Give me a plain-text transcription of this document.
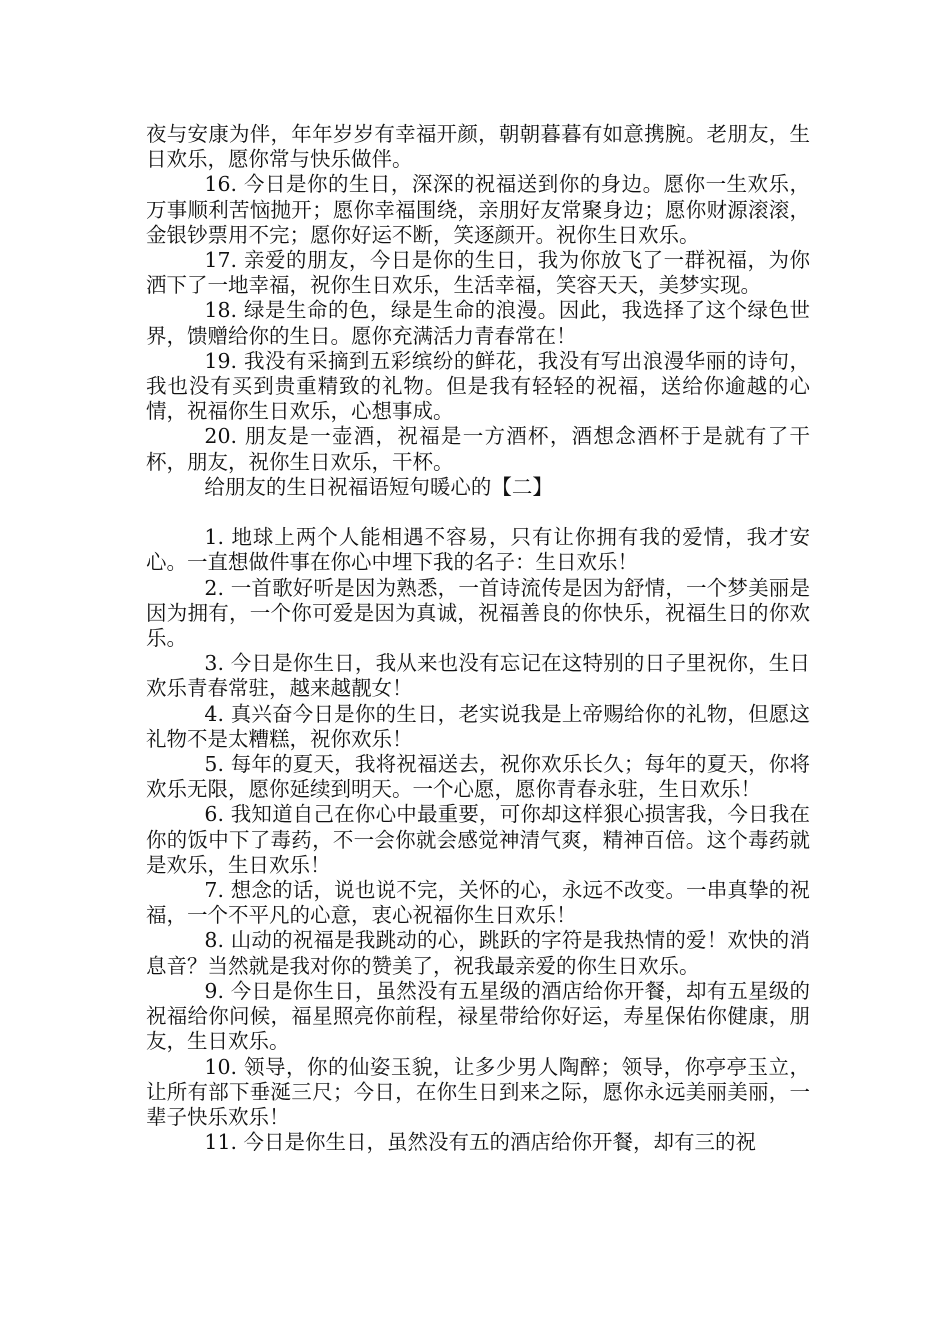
夜与安康为伴，年年岁岁有幸福开颜，朝朝暮暮有如意携腕。老朋友，生日欢乐，愿你常与快乐做伴。

16. 今日是你的生日，深深的祝福送到你的身边。愿你一生欢乐，万事顺利苦恼抛开；愿你幸福围绕，亲朋好友常聚身边；愿你财源滚滚，金银钞票用不完；愿你好运不断，笑逐颜开。祝你生日欢乐。

17. 亲爱的朋友，今日是你的生日，我为你放飞了一群祝福，为你洒下了一地幸福，祝你生日欢乐，生活幸福，笑容天天，美梦实现。

18. 绿是生命的色，绿是生命的浪漫。因此，我选择了这个绿色世界，馈赠给你的生日。愿你充满活力青春常在！

19. 我没有采摘到五彩缤纷的鲜花，我没有写出浪漫华丽的诗句，我也没有买到贵重精致的礼物。但是我有轻轻的祝福，送给你逾越的心情，祝福你生日欢乐，心想事成。

20. 朋友是一壶酒，祝福是一方酒杯，酒想念酒杯于是就有了干杯，朋友，祝你生日欢乐，干杯。

给朋友的生日祝福语短句暖心的【二】

1. 地球上两个人能相遇不容易，只有让你拥有我的爱情，我才安心。一直想做件事在你心中埋下我的名子：生日欢乐！

2. 一首歌好听是因为熟悉，一首诗流传是因为舒情，一个梦美丽是因为拥有，一个你可爱是因为真诚，祝福善良的你快乐，祝福生日的你欢乐。

3. 今日是你生日，我从来也没有忘记在这特别的日子里祝你，生日欢乐青春常驻，越来越靓女！

4. 真兴奋今日是你的生日，老实说我是上帝赐给你的礼物，但愿这礼物不是太糟糕，祝你欢乐！

5. 每年的夏天，我将祝福送去，祝你欢乐长久；每年的夏天，你将欢乐无限，愿你延续到明天。一个心愿，愿你青春永驻，生日欢乐！

6. 我知道自己在你心中最重要，可你却这样狠心损害我，今日我在你的饭中下了毒药，不一会你就会感觉神清气爽，精神百倍。这个毒药就是欢乐，生日欢乐！

7. 想念的话，说也说不完，关怀的心，永远不改变。一串真挚的祝福，一个不平凡的心意，衷心祝福你生日欢乐！

8. 山动的祝福是我跳动的心，跳跃的字符是我热情的爱！欢快的消息音？当然就是我对你的赞美了，祝我最亲爱的你生日欢乐。

9. 今日是你生日，虽然没有五星级的酒店给你开餐，却有五星级的祝福给你问候，福星照亮你前程，禄星带给你好运，寿星保佑你健康，朋友，生日欢乐。

10. 领导，你的仙姿玉貌，让多少男人陶醉；领导，你亭亭玉立，让所有部下垂涎三尺；今日，在你生日到来之际，愿你永远美丽美丽，一辈子快乐欢乐！

11. 今日是你生日，虽然没有五的酒店给你开餐，却有三的祝
